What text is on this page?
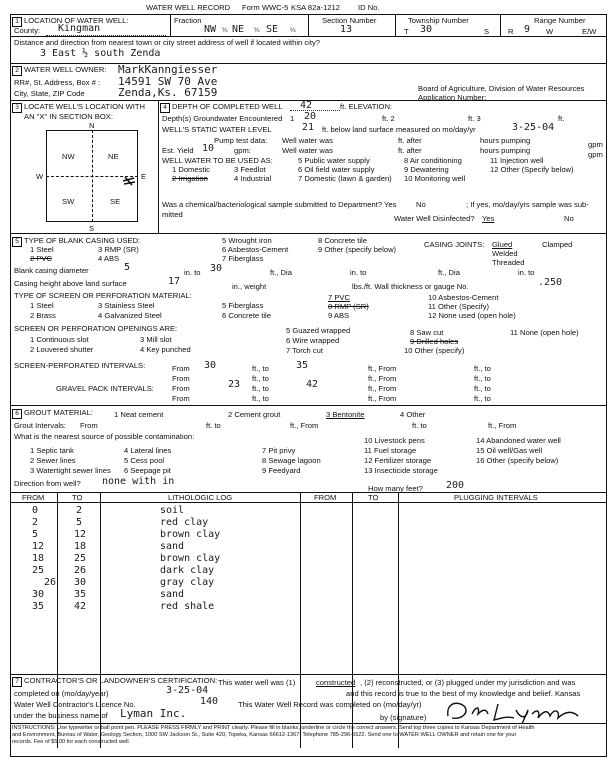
WATER WELL RECORD Form WWC-5 KSA 82a-1212 ID No.
1 LOCATION OF WATER WELL:
County: Kingman
Fraction
NW ¼ NE ¼ SE ¼
Section Number
13
Township Number
T 30	S
Range Number
R 9 W	E/W
Distance and direction from nearest town or city street address of well if located within city?
3 East ½ south Zenda
2 WATER WELL OWNER: MarkKanngiesser
RR#, St. Address, Box # : 14591 SW 70 Ave
City, State, ZIP Code	Zenda,Ks. 67159	Board of Agriculture, Division of Water Resources
Application Number:
3 LOCATE WELL'S LOCATION WITH
AN "X" IN SECTION BOX:
N
S
E
W
NW	NE
SW	SE
4 DEPTH OF COMPLETED WELL 42	ft. ELEVATION:
Depth(s) Groundwater Encountered 1 20	ft. 2	ft. 3	ft.
WELL'S STATIC WATER LEVEL	21 ft. below land surface measured on mo/day/yr	3-25-04
Pump test data: Well water was	ft. after	hours pumping	gpm
Est. Yield 10	gpm:	Well water was	ft. after	hours pumping	gpm
WELL WATER TO BE USED AS:
1 Domestic
2 Irrigation
3 Feedlot
4 Industrial
5 Public water supply
6 Oil field water supply
7 Domestic (lawn & garden)
8 Air conditioning
9 Dewatering
10 Monitoring well
11 Injection well
12 Other (Specify below)
Was a chemical/bacteriological sample submitted to Department? Yes	No	; If yes, mo/day/yrs sample was sub-
mitted	Water Well Disinfected? Yes	No
5 TYPE OF BLANK CASING USED:
1 Steel
2 PVC
3 RMP (SR)
4 ABS
5 Wrought iron
6 Asbestos-Cement
7 Fiberglass
8 Concrete tile
9 Other (specify below)
CASING JOINTS: Glued	Clamped
Welded
Threaded
Blank casing diameter	5	in. to 30	ft., Dia	in. to	ft., Dia	in. to
Casing height above land surface	17	in., weight	lbs./ft. Wall thickness or gauge No.	.250
TYPE OF SCREEN OR PERFORATION MATERIAL:
1 Steel
2 Brass
3 Stainless Steel
4 Galvanized Steel
5 Fiberglass
6 Concrete tile
7 PVC
8 RMP (SR)
9 ABS
10 Asbestos-Cement
11 Other (Specify)
12 None used (open hole)
SCREEN OR PERFORATION OPENINGS ARE:
1 Continuous slot
2 Louvered shutter
3 Mill slot
4 Key punched
5 Guazed wrapped
6 Wire wrapped
7 Torch cut
8 Saw cut
9 Drilled holes
10 Other (specify)
11 None (open hole)
SCREEN-PERFORATED INTERVALS:	From 30	ft., to	35	ft., From	ft., to
From	ft., to	ft., From	ft., to
GRAVEL PACK INTERVALS: From	23 ft., to	42	ft., From	ft., to
From	ft., to	ft., From	ft., to
6 GROUT MATERIAL:	1 Neat cement	2 Cement grout	3 Bentonite	4 Other
Grout Intervals: From	ft. to	ft., From	ft. to	ft., From
What is the nearest source of possible contamination:
1 Septic tank
2 Sewer lines
3 Watertight sewer lines
4 Lateral lines
5 Cess pool
6 Seepage pit
7 Pit privy
8 Sewage lagoon
9 Feedyard
10 Livestock pens
11 Fuel storage
12 Fertilizer storage
13 Insecticide storage
14 Abandoned water well
15 Oil well/Gas well
16 Other (specify below)
Direction from well? none with in
How many feet? 200
FROM	TO	LITHOLOGIC LOG	FROM	TO	PLUGGING INTERVALS
0	2	soil
2	5	red clay
5	12	brown clay
12	18	sand
18	25	brown clay
25	26	dark clay
26 30	gray clay
30	35	sand
35	42	red shale
7 CONTRACTOR'S OR LANDOWNER'S CERTIFICATION: This water well was (1)	constructed , (2) reconstructed, or (3) plugged under my jurisdiction and was
completed on (mo/day/year)	3-25-04	and this record is true to the best of my knowledge and belief. Kansas
Water Well Contractor's Licence No.	140	This Water Well Record was completed on (mo/day/yr)
under the business name of Lyman Inc.	by (signature)
INSTRUCTIONS: Use typewriter or ball point pen. PLEASE PRESS FIRMLY and PRINT clearly. Please fill in blanks, underline or circle the correct answers. Send top three copies to Kansas Department of Health
and Environment, Bureau of Water, Geology Section, 1000 SW Jackson St., Suite 420, Topeka, Kansas 66612-1367. Telephone 785-296-5522. Send one to WATER WELL OWNER and retain one for your
records. Fee of $5.00 for each constructed well.
